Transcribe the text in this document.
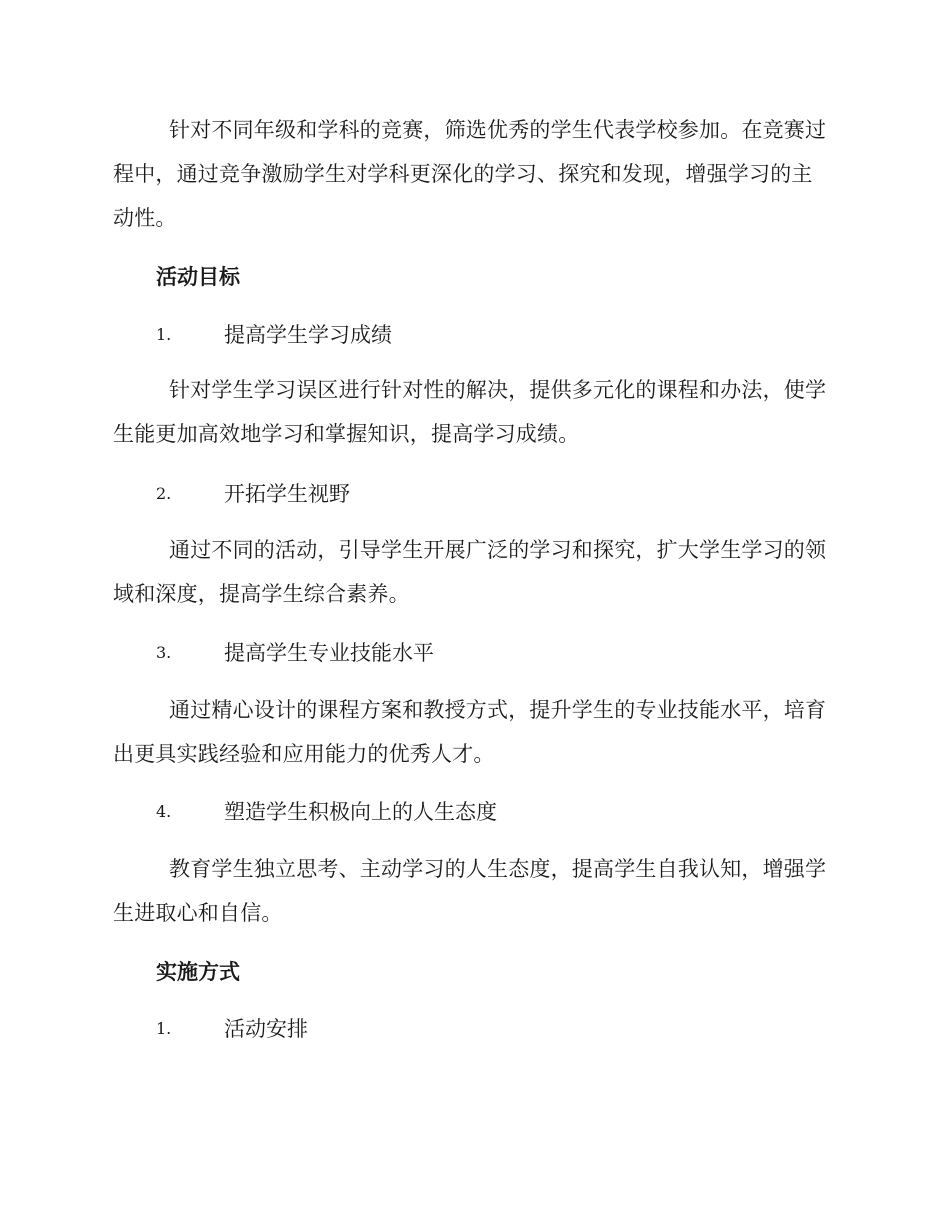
针对不同年级和学科的竞赛，筛选优秀的学生代表学校参加。在竞赛过程中，通过竞争激励学生对学科更深化的学习、探究和发现，增强学习的主动性。

活动目标
1.	提高学生学习成绩

针对学生学习误区进行针对性的解决，提供多元化的课程和办法，使学生能更加高效地学习和掌握知识，提高学习成绩。

2.	开拓学生视野

通过不同的活动，引导学生开展广泛的学习和探究，扩大学生学习的领域和深度，提高学生综合素养。

3.	提高学生专业技能水平

通过精心设计的课程方案和教授方式，提升学生的专业技能水平，培育出更具实践经验和应用能力的优秀人才。

4.	塑造学生积极向上的人生态度

教育学生独立思考、主动学习的人生态度，提高学生自我认知，增强学生进取心和自信。

实施方式
1.	活动安排
